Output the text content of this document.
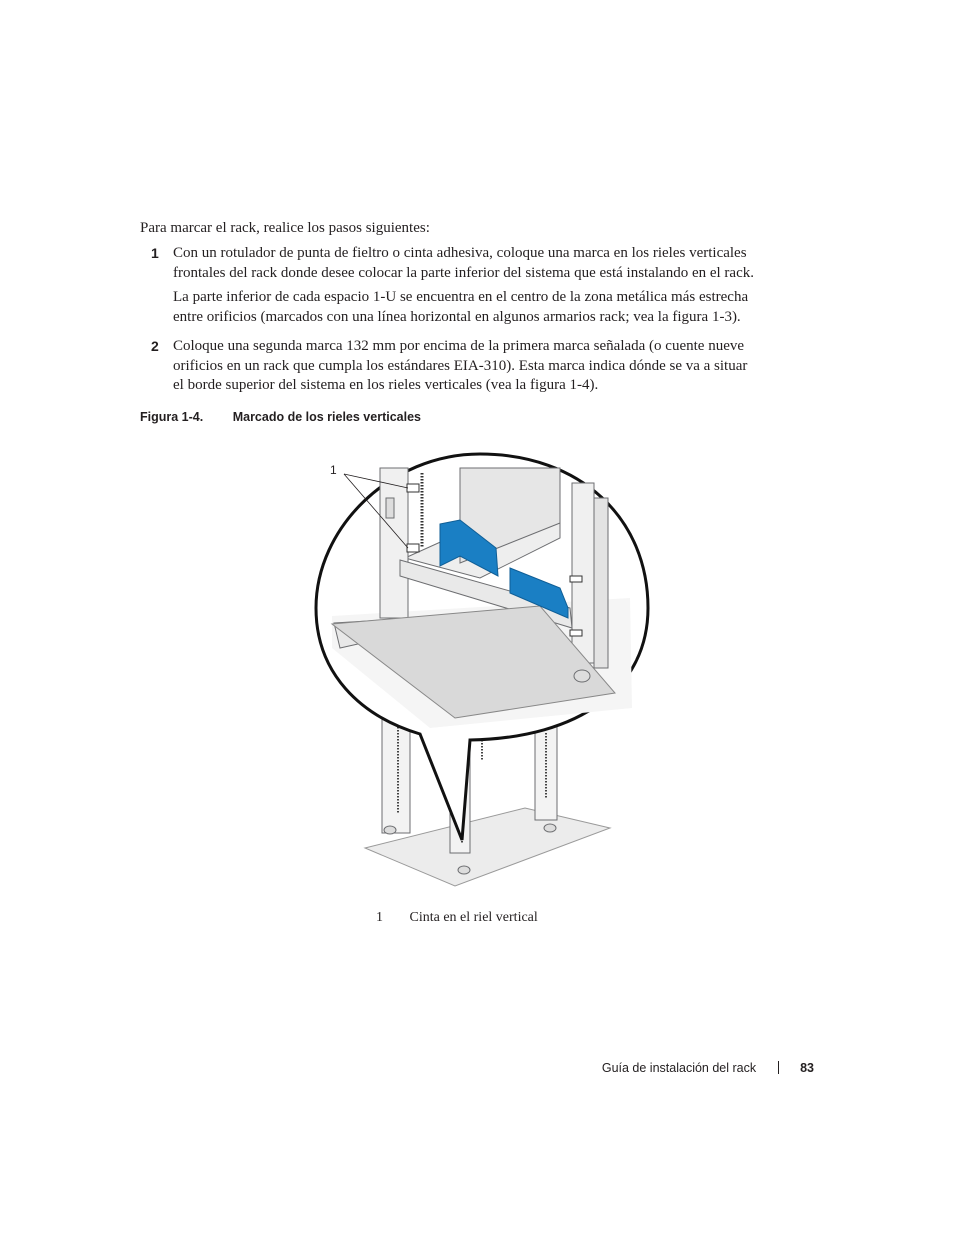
Para marcar el rack, realice los pasos siguientes:
1 Con un rotulador de punta de fieltro o cinta adhesiva, coloque una marca en los rieles verticales
frontales del rack donde desee colocar la parte inferior del sistema que está instalando en el rack.
La parte inferior de cada espacio 1-U se encuentra en el centro de la zona metálica más estrecha
entre orificios (marcados con una línea horizontal en algunos armarios rack; vea la figura 1-3).
2 Coloque una segunda marca 132 mm por encima de la primera marca señalada (o cuente nueve
orificios en un rack que cumpla los estándares EIA-310). Esta marca indica dónde se va a situar
el borde superior del sistema en los rieles verticales (vea la figura 1-4).
Figura 1-4. Marcado de los rieles verticales
1
1 Cinta en el riel vertical
Guía de instalación del rack	83
